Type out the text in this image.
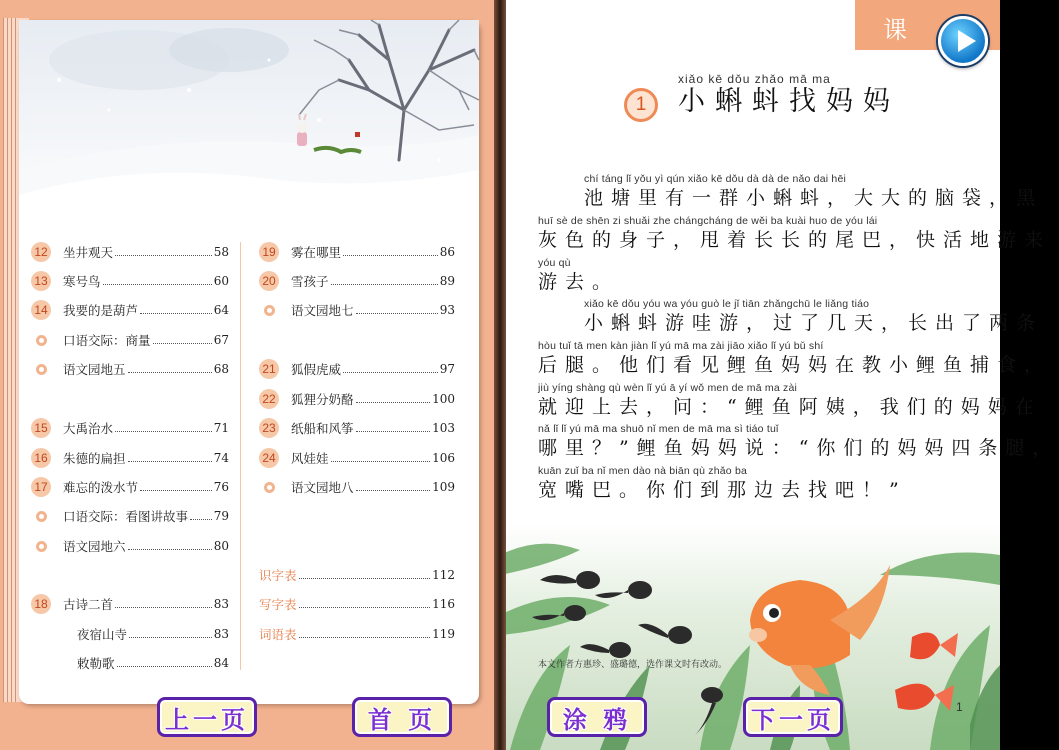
12 坐井观天	58
13 寒号鸟	60
14 我要的是葫芦	64
口语交际：商量	67
语文园地五	68
15 大禹治水	71
16 朱德的扁担	74
17 难忘的泼水节	76
口语交际：看图讲故事 79
语文园地六	80
18 古诗二首	83
夜宿山寺	83
敕勒歌	84
19 雾在哪里	86
20 雪孩子	89
语文园地七	93
21 狐假虎威	97
22 狐狸分奶酪	100
23 纸船和风筝	103
24 风娃娃	106
语文园地八	109
识字表	112
写字表	116
词语表	119
上一页	首 页
课
1
xiǎo kē dǒu zhǎo mā ma
小蝌蚪找妈妈
chí táng lǐ yǒu yì qún xiǎo kē dǒu dà dà de nǎo dai hēi
池塘里有一群小蝌蚪，大大的脑袋，黑
huī sè de shēn zi shuǎi zhe chángcháng de wěi ba kuài huo de yóu lái
灰色的身子，甩着长长的尾巴，快活地游来
yóu qù
游去。
xiǎo kē dǒu yóu wa yóu guò le jǐ tiān zhǎngchū le liǎng tiáo
小蝌蚪游哇游，过了几天，长出了两条
hòu tuǐ tā men kàn jiàn lǐ yú mā ma zài jiāo xiǎo lǐ yú bǔ shí
后腿。他们看见鲤鱼妈妈在教小鲤鱼捕食，
jiù yíng shàng qù wèn lǐ yú ā yí wǒ men de mā ma zài
就迎上去，问：“鲤鱼阿姨，我们的妈妈在
nǎ lǐ lǐ yú mā ma shuō nǐ men de mā ma sì tiáo tuǐ
哪里？”鲤鱼妈妈说：“你们的妈妈四条腿，
kuān zuǐ ba nǐ men dào nà biān qù zhǎo ba
宽嘴巴。你们到那边去找吧！”
本文作者方惠珍、盛璐德，选作课文时有改动。
1
涂 鸦	下一页
